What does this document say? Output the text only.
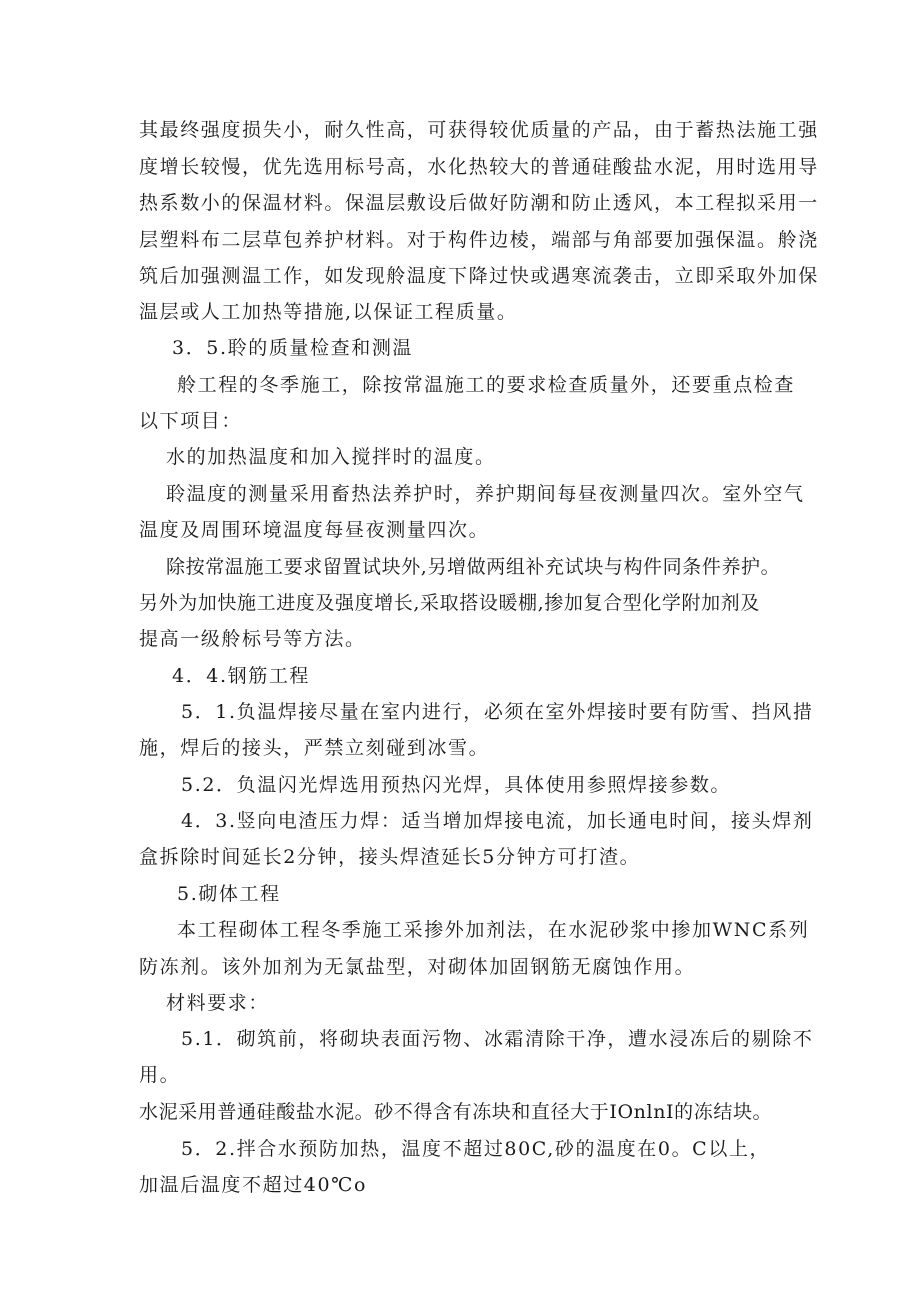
其最终强度损失小，耐久性高，可获得较优质量的产品，由于蓄热法施工强
度增长较慢，优先选用标号高，水化热较大的普通硅酸盐水泥，用时选用导
热系数小的保温材料。保温层敷设后做好防潮和防止透风，本工程拟采用一
层塑料布二层草包养护材料。对于构件边棱，端部与角部要加强保温。舲浇
筑后加强测温工作，如发现舲温度下降过快或遇寒流袭击，立即采取外加保
温层或人工加热等措施,以保证工程质量。
3．5.聆的质量检查和测温
舲工程的冬季施工，除按常温施工的要求检查质量外，还要重点检查
以下项目：
水的加热温度和加入搅拌时的温度。
聆温度的测量采用畜热法养护时，养护期间每昼夜测量四次。室外空气
温度及周围环境温度每昼夜测量四次。
除按常温施工要求留置试块外,另增做两组补充试块与构件同条件养护。
另外为加快施工进度及强度增长,采取搭设暖棚,掺加复合型化学附加剂及
提高一级舲标号等方法。
4．4.钢筋工程
5．1.负温焊接尽量在室内进行，必须在室外焊接时要有防雪、挡风措
施，焊后的接头，严禁立刻碰到冰雪。
5.2．负温闪光焊选用预热闪光焊，具体使用参照焊接参数。
4．3.竖向电渣压力焊：适当增加焊接电流，加长通电时间，接头焊剂
盒拆除时间延长2分钟，接头焊渣延长5分钟方可打渣。
5.砌体工程
本工程砌体工程冬季施工采掺外加剂法，在水泥砂浆中掺加WNC系列
防冻剂。该外加剂为无氯盐型，对砌体加固钢筋无腐蚀作用。
材料要求：
5.1．砌筑前，将砌块表面污物、冰霜清除干净，遭水浸冻后的剔除不
用。
水泥采用普通硅酸盐水泥。砂不得含有冻块和直径大于IOnlnI的冻结块。
5．2.拌合水预防加热，温度不超过80C,砂的温度在0。C以上，
加温后温度不超过40℃o
